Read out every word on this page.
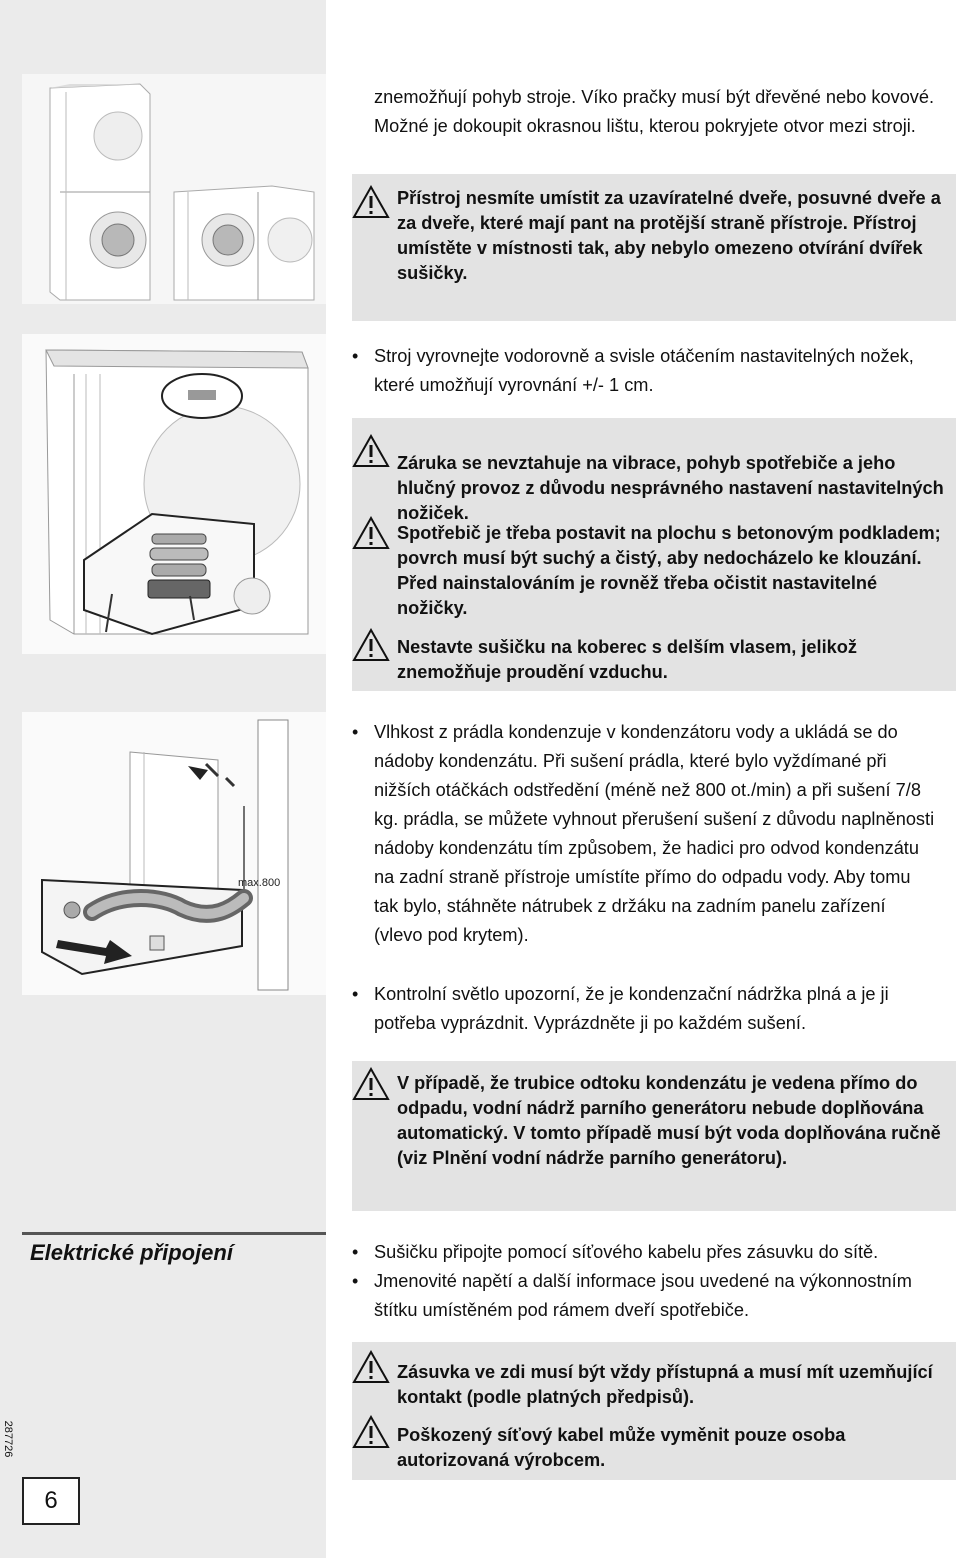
max.800
znemožňují pohyb stroje. Víko pračky musí být dřevěné nebo kovové. Možné je dokoupit okrasnou lištu, kterou pokryjete otvor mezi stroji.
Přístroj nesmíte umístit za uzavíratelné dveře, posuvné dveře a za dveře, které mají pant na protější straně přístroje. Přístroj umístěte v místnosti tak, aby nebylo omezeno otvírání dvířek sušičky.
• Stroj vyrovnejte vodorovně a svisle otáčením nastavitelných nožek, které umožňují vyrovnání +/- 1 cm.
Záruka se nevztahuje na vibrace, pohyb spotřebiče a jeho hlučný provoz z důvodu nesprávného nastavení nastavitelných nožiček.
Spotřebič je třeba postavit na plochu s betonovým podkladem; povrch musí být suchý a čistý, aby nedocházelo ke klouzání. Před nainstalováním je rovněž třeba očistit nastavitelné nožičky.
Nestavte sušičku na koberec s delším vlasem, jelikož znemožňuje proudění vzduchu.
• Vlhkost z prádla kondenzuje v kondenzátoru vody a ukládá se do nádoby kondenzátu. Při sušení prádla, které bylo vyždímané při nižších otáčkách odstředění (méně než 800 ot./min) a při sušení 7/8 kg. prádla, se můžete vyhnout přerušení sušení z důvodu naplněnosti nádoby kondenzátu tím způsobem, že hadici pro odvod kondenzátu na zadní straně přístroje umístíte přímo do odpadu vody. Aby tomu tak bylo, stáhněte nátrubek z držáku na zadním panelu zařízení (vlevo pod krytem).
• Kontrolní světlo upozorní, že je kondenzační nádržka plná a je ji potřeba vyprázdnit. Vyprázdněte ji po každém sušení.
V případě, že trubice odtoku kondenzátu je vedena přímo do odpadu, vodní nádrž parního generátoru nebude doplňována automatický. V tomto případě musí být voda doplňována ručně (viz Plnění vodní nádrže parního generátoru).
Elektrické připojení	• Sušičku připojte pomocí síťového kabelu přes zásuvku do sítě.
• Jmenovité napětí a další informace jsou uvedené na výkonnostním štítku umístěném pod rámem dveří spotřebiče.
Zásuvka ve zdi musí být vždy přístupná a musí mít uzemňující kontakt (podle platných předpisů).
Poškozený síťový kabel může vyměnit pouze osoba autorizovaná výrobcem.
287726
6
